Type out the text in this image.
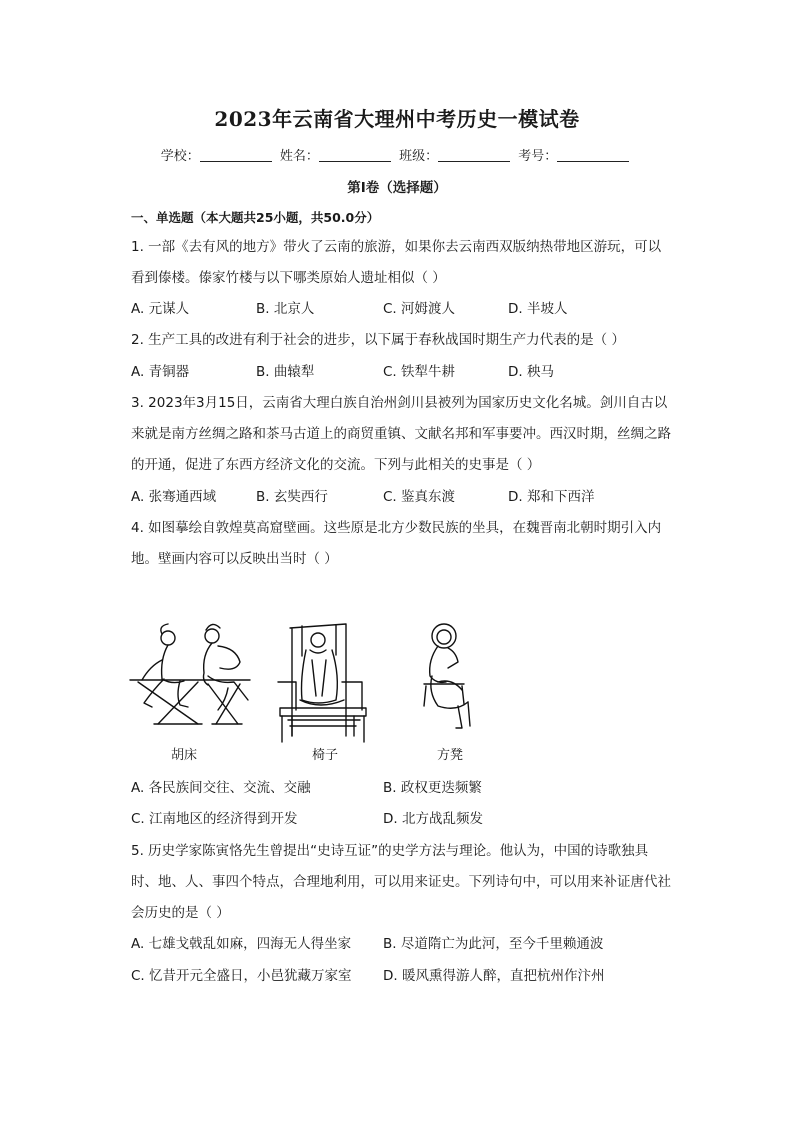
2023年云南省大理州中考历史一模试卷
学校：	姓名：	班级：	考号：
第Ⅰ卷（选择题）
一、单选题（本大题共25小题，共50.0分）
1. 一部《去有风的地方》带火了云南的旅游，如果你去云南西双版纳热带地区游玩，可以
看到傣楼。傣家竹楼与以下哪类原始人遗址相似（ ）
A. 元谋人	B. 北京人	C. 河姆渡人	D. 半坡人
2. 生产工具的改进有利于社会的进步，以下属于春秋战国时期生产力代表的是（ ）
A. 青铜器	B. 曲辕犁	C. 铁犁牛耕	D. 秧马
3. 2023年3月15日，云南省大理白族自治州剑川县被列为国家历史文化名城。剑川自古以
来就是南方丝绸之路和茶马古道上的商贸重镇、文献名邦和军事要冲。西汉时期，丝绸之路
的开通，促进了东西方经济文化的交流。下列与此相关的史事是（ ）
A. 张骞通西域	B. 玄奘西行	C. 鉴真东渡	D. 郑和下西洋
4. 如图摹绘自敦煌莫高窟壁画。这些原是北方少数民族的坐具，在魏晋南北朝时期引入内
地。壁画内容可以反映出当时（ ）
胡床	椅子	方凳
A. 各民族间交往、交流、交融	B. 政权更迭频繁
C. 江南地区的经济得到开发	D. 北方战乱频发
5. 历史学家陈寅恪先生曾提出“史诗互证”的史学方法与理论。他认为，中国的诗歌独具
时、地、人、事四个特点，合理地利用，可以用来证史。下列诗句中，可以用来补证唐代社
会历史的是（ ）
A. 七雄戈戟乱如麻，四海无人得坐家 B. 尽道隋亡为此河，至今千里赖通波
C. 忆昔开元全盛日，小邑犹藏万家室 D. 暖风熏得游人醉，直把杭州作汴州
